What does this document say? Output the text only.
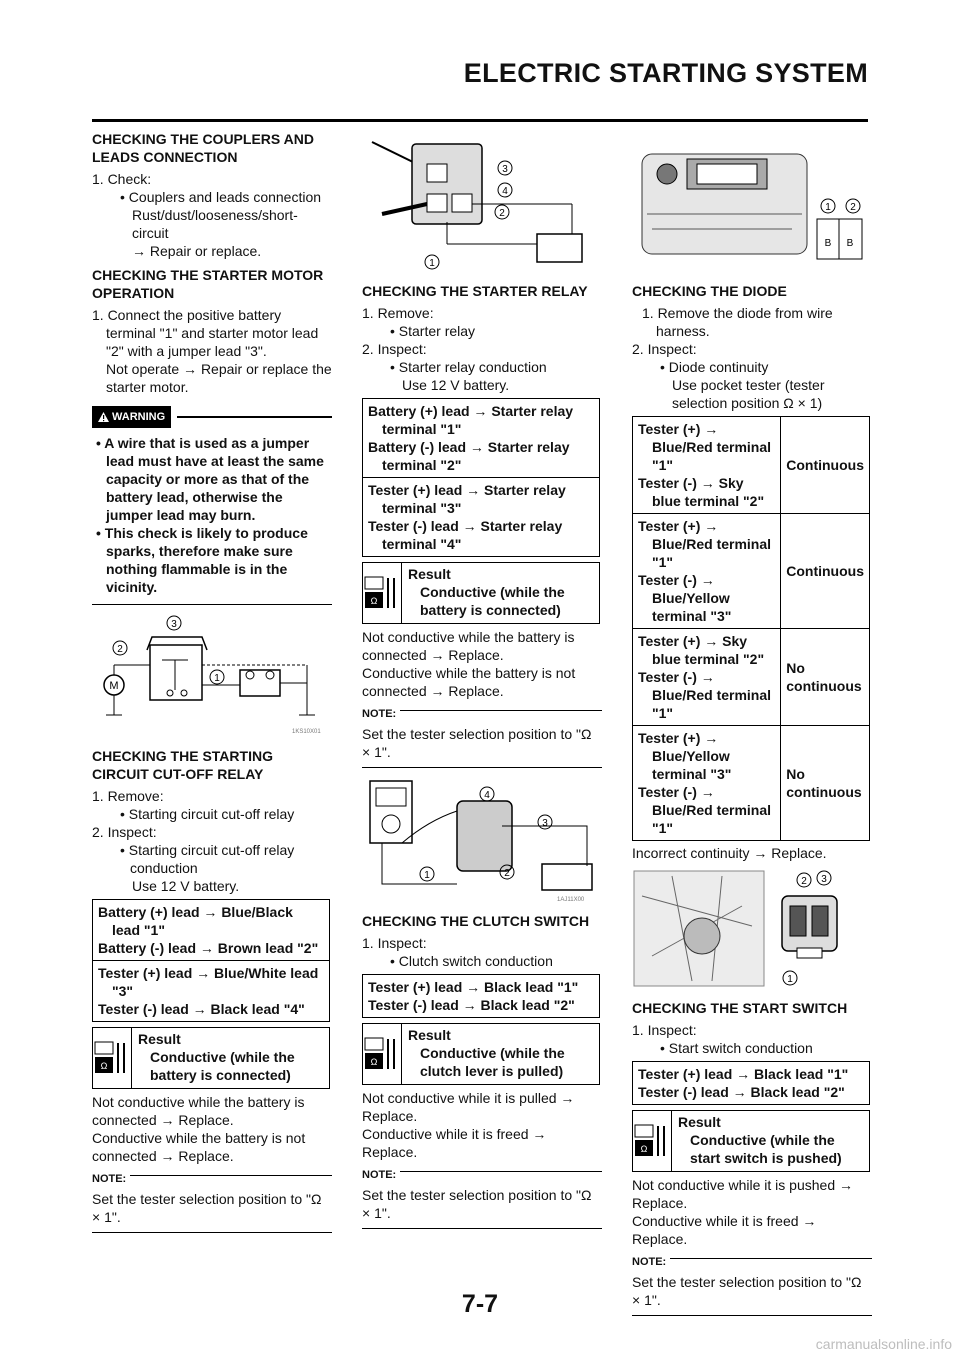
ELECTRIC STARTING SYSTEM
CHECKING THE COUPLERS AND LEADS CONNECTION
1. Check:
• Couplers and leads connection
Rust/dust/looseness/short-circuit
→ Repair or replace.
CHECKING THE STARTER MOTOR OPERATION
1. Connect the positive battery terminal "1" and starter motor lead "2" with a jumper lead "3".
Not operate → Repair or replace the starter motor.
WARNING
• A wire that is used as a jumper lead must have at least the same capacity or more as that of the battery lead, otherwise the jumper lead may burn.
• This check is likely to produce sparks, therefore make sure nothing flammable is in the vicinity.
3
2
1
M
1KS10X01
CHECKING THE STARTING CIRCUIT CUT-OFF RELAY
1. Remove:
• Starting circuit cut-off relay
2. Inspect:
• Starting circuit cut-off relay conduction
Use 12 V battery.
Battery (+) lead → Blue/Black lead "1"
Battery (-) lead → Brown lead "2"

Tester (+) lead → Blue/White lead "3"
Tester (-) lead → Black lead "4"
Ω
Result
Conductive (while the battery is connected)
Not conductive while the battery is connected → Replace.
Conductive while the battery is not connected → Replace.
NOTE:
Set the tester selection position to "Ω × 1".
3
4
2
1
CHECKING THE STARTER RELAY
1. Remove:
• Starter relay
2. Inspect:
• Starter relay conduction
Use 12 V battery.
Battery (+) lead → Starter relay terminal "1"
Battery (-) lead → Starter relay terminal "2"

Tester (+) lead → Starter relay terminal "3"
Tester (-) lead → Starter relay terminal "4"
Ω
Result
Conductive (while the battery is connected)
Not conductive while the battery is connected → Replace.
Conductive while the battery is not connected → Replace.
NOTE:
Set the tester selection position to "Ω × 1".
4
3
2
1
1AJ11X00
CHECKING THE CLUTCH SWITCH
1. Inspect:
• Clutch switch conduction
Tester (+) lead → Black lead "1"
Tester (-) lead → Black lead "2"
Ω
Result
Conductive (while the clutch lever is pulled)
Not conductive while it is pulled → Replace.
Conductive while it is freed → Replace.
NOTE:
Set the tester selection position to "Ω × 1".
B B
1 2
CHECKING THE DIODE
1. Remove the diode from wire harness.
2. Inspect:
• Diode continuity
Use pocket tester (tester selection position Ω × 1)
Tester (+) → Blue/Red terminal "1"
Tester (-) → Sky blue terminal "2"	Continuous

Tester (+) → Blue/Red terminal "1"
Tester (-) → Blue/Yellow terminal "3"	Continuous

Tester (+) → Sky blue terminal "2"
Tester (-) → Blue/Red terminal "1"	No continuous

Tester (+) → Blue/Yellow terminal "3"
Tester (-) → Blue/Red terminal "1"	No continuous
Incorrect continuity → Replace.
2 3
1
CHECKING THE START SWITCH
1. Inspect:
• Start switch conduction
Tester (+) lead → Black lead "1"
Tester (-) lead → Black lead "2"
Ω
Result
Conductive (while the start switch is pushed)
Not conductive while it is pushed → Replace.
Conductive while it is freed → Replace.
NOTE:
Set the tester selection position to "Ω × 1".
7-7
carmanualsonline.info
